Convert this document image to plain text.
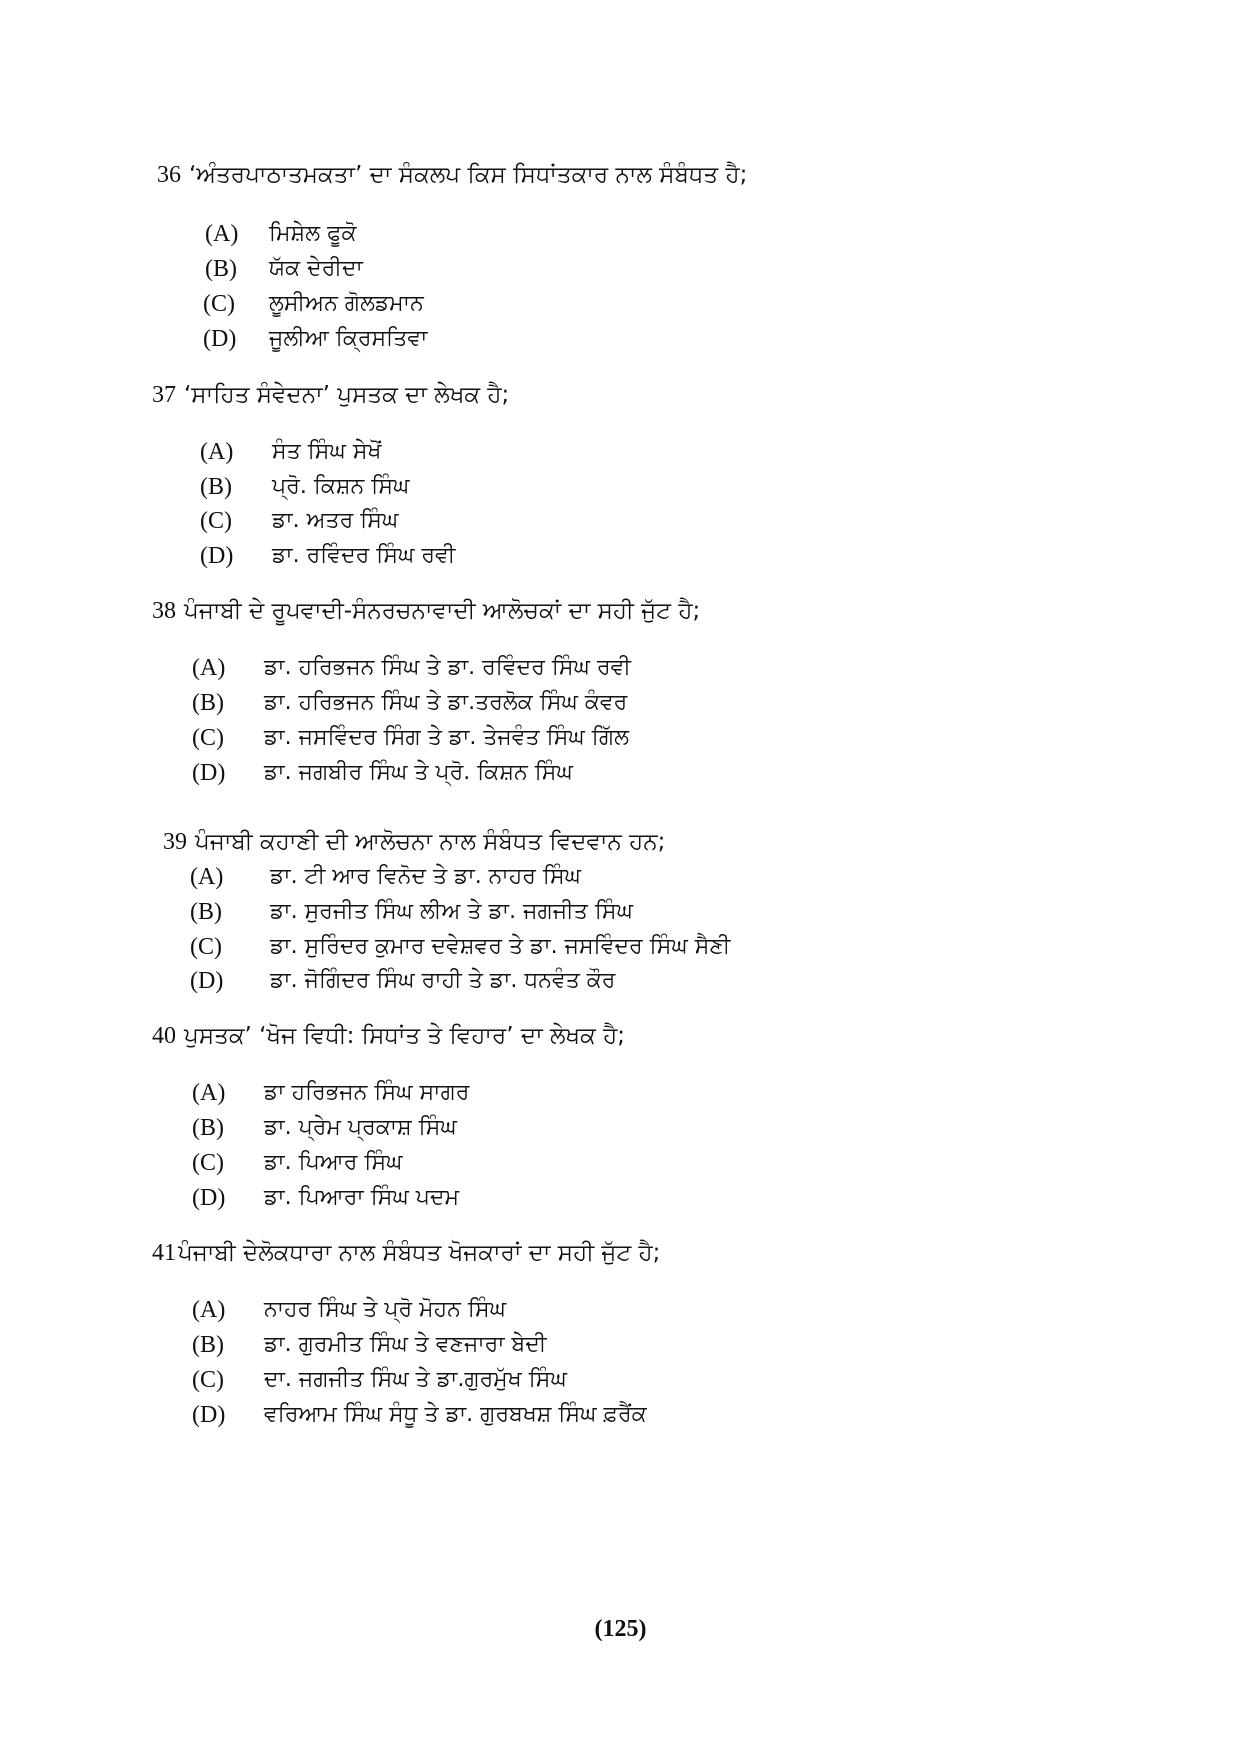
36 ‘ਅੰਤਰਪਾਠਾਤਮਕਤਾ’ ਦਾ ਸੰਕਲਪ ਕਿਸ ਸਿਧਾਂਤਕਾਰ ਨਾਲ ਸੰਬੰਧਤ ਹੈ;
(A) ਮਿਸ਼ੇਲ ਫੂਕੋ
(B) ਯੱਕ ਦੇਰੀਦਾ
(C) ਲੂਸੀਅਨ ਗੋਲਡਮਾਨ
(D) ਜੂਲੀਆ ਕ੍ਰਿਸਤਿਵਾ
37 ‘ਸਾਹਿਤ ਸੰਵੇਦਨਾ’ ਪੁਸਤਕ ਦਾ ਲੇਖਕ ਹੈ;
(A) ਸੰਤ ਸਿੰਘ ਸੇਖੋਂ
(B) ਪ੍ਰੋ. ਕਿਸ਼ਨ ਸਿੰਘ
(C) ਡਾ. ਅਤਰ ਸਿੰਘ
(D) ਡਾ. ਰਵਿੰਦਰ ਸਿੰਘ ਰਵੀ
38 ਪੰਜਾਬੀ ਦੇ ਰੂਪਵਾਦੀ-ਸੰਨਰਚਨਾਵਾਦੀ ਆਲੋਚਕਾਂ ਦਾ ਸਹੀ ਜੁੱਟ ਹੈ;
(A) ਡਾ. ਹਰਿਭਜਨ ਸਿੰਘ ਤੇ ਡਾ. ਰਵਿੰਦਰ ਸਿੰਘ ਰਵੀ
(B) ਡਾ. ਹਰਿਭਜਨ ਸਿੰਘ ਤੇ ਡਾ.ਤਰਲੋਕ ਸਿੰਘ ਕੰਵਰ
(C) ਡਾ. ਜਸਵਿੰਦਰ ਸਿੰਗ ਤੇ ਡਾ. ਤੇਜਵੰਤ ਸਿੰਘ ਗਿੱਲ
(D) ਡਾ. ਜਗਬੀਰ ਸਿੰਘ ਤੇ ਪ੍ਰੋ. ਕਿਸ਼ਨ ਸਿੰਘ
39 ਪੰਜਾਬੀ ਕਹਾਣੀ ਦੀ ਆਲੋਚਨਾ ਨਾਲ ਸੰਬੰਧਤ ਵਿਦਵਾਨ ਹਨ;
(A) ਡਾ. ਟੀ ਆਰ ਵਿਨੋਦ ਤੇ ਡਾ. ਨਾਹਰ ਸਿੰਘ
(B) ਡਾ. ਸੁਰਜੀਤ ਸਿੰਘ ਲੀਅ ਤੇ ਡਾ. ਜਗਜੀਤ ਸਿੰਘ
(C) ਡਾ. ਸੁਰਿੰਦਰ ਕੁਮਾਰ ਦਵੇਸ਼ਵਰ ਤੇ ਡਾ. ਜਸਵਿੰਦਰ ਸਿੰਘ ਸੈਣੀ
(D) ਡਾ. ਜੋਗਿੰਦਰ ਸਿੰਘ ਰਾਹੀ ਤੇ ਡਾ. ਧਨਵੰਤ ਕੌਰ
40 ਪੁਸਤਕ’ ‘ਖੋਜ ਵਿਧੀ: ਸਿਧਾਂਤ ਤੇ ਵਿਹਾਰ’ ਦਾ ਲੇਖਕ ਹੈ;
(A) ਡਾ ਹਰਿਭਜਨ ਸਿੰਘ ਸਾਗਰ
(B) ਡਾ. ਪ੍ਰੇਮ ਪ੍ਰਕਾਸ਼ ਸਿੰਘ
(C) ਡਾ. ਪਿਆਰ ਸਿੰਘ
(D) ਡਾ. ਪਿਆਰਾ ਸਿੰਘ ਪਦਮ
41ਪੰਜਾਬੀ ਦੇਲੋਕਧਾਰਾ ਨਾਲ ਸੰਬੰਧਤ ਖੋਜਕਾਰਾਂ ਦਾ ਸਹੀ ਜੁੱਟ ਹੈ;
(A) ਨਾਹਰ ਸਿੰਘ ਤੇ ਪ੍ਰੋ ਮੋਹਨ ਸਿੰਘ
(B) ਡਾ. ਗੁਰਮੀਤ ਸਿੰਘ ਤੇ ਵਣਜਾਰਾ ਬੇਦੀ
(C) ਦਾ. ਜਗਜੀਤ ਸਿੰਘ ਤੇ ਡਾ.ਗੁਰਮੁੱਖ ਸਿੰਘ
(D) ਵਰਿਆਮ ਸਿੰਘ ਸੰਧੂ ਤੇ ਡਾ. ਗੁਰਬਖਸ਼ ਸਿੰਘ ਫ਼ਰੈਂਕ
(125)
